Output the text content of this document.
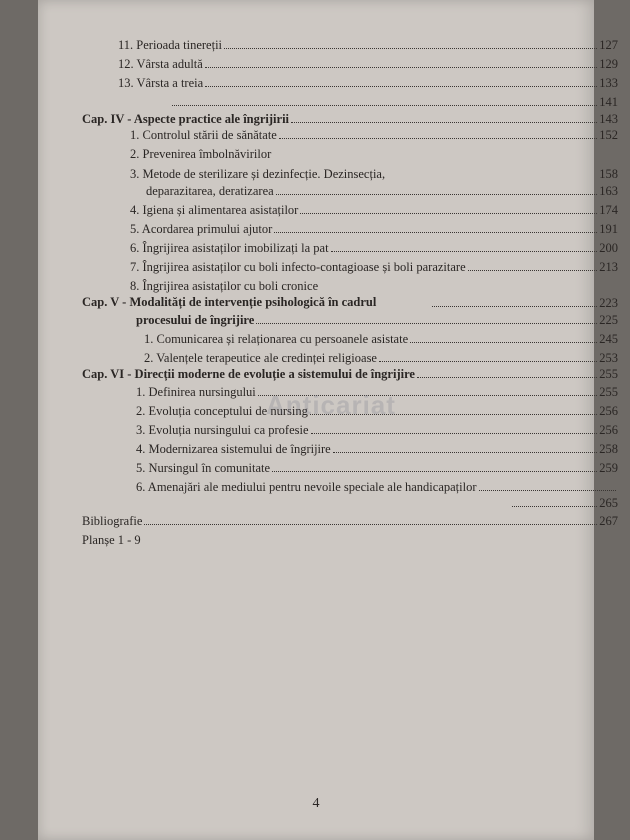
11. Perioada tinereții	127
12. Vârsta adultă	129
13. Vârsta a treia	133
141
Cap. IV - Aspecte practice ale îngrijirii	143
1. Controlul stării de sănătate	152
2. Prevenirea îmbolnăvirilor
3. Metode de sterilizare și dezinfecție. Dezinsecția,	158
deparazitarea, deratizarea	163
4. Igiena și alimentarea asistaților	174
5. Acordarea primului ajutor	191
6. Îngrijirea asistaților imobilizați la pat	200
7. Îngrijirea asistaților cu boli infecto-contagioase și boli parazitare	213
8. Îngrijirea asistaților cu boli cronice
Cap. V - Modalități de intervenție psihologică în cadrul	223
procesului de îngrijire	225
1. Comunicarea și relaționarea cu persoanele asistate	245
2. Valențele terapeutice ale credinței religioase	253
Cap. VI - Direcții moderne de evoluție a sistemului de îngrijire	255
1. Definirea nursingului	255
2. Evoluția conceptului de nursing	256
3. Evoluția nursingului ca profesie	256
4. Modernizarea sistemului de îngrijire	258
5. Nursingul în comunitate	259
6. Amenajări ale mediului pentru nevoile speciale ale handicapaților
265
Bibliografie	267
Planșe 1 - 9
Anticariat
4
